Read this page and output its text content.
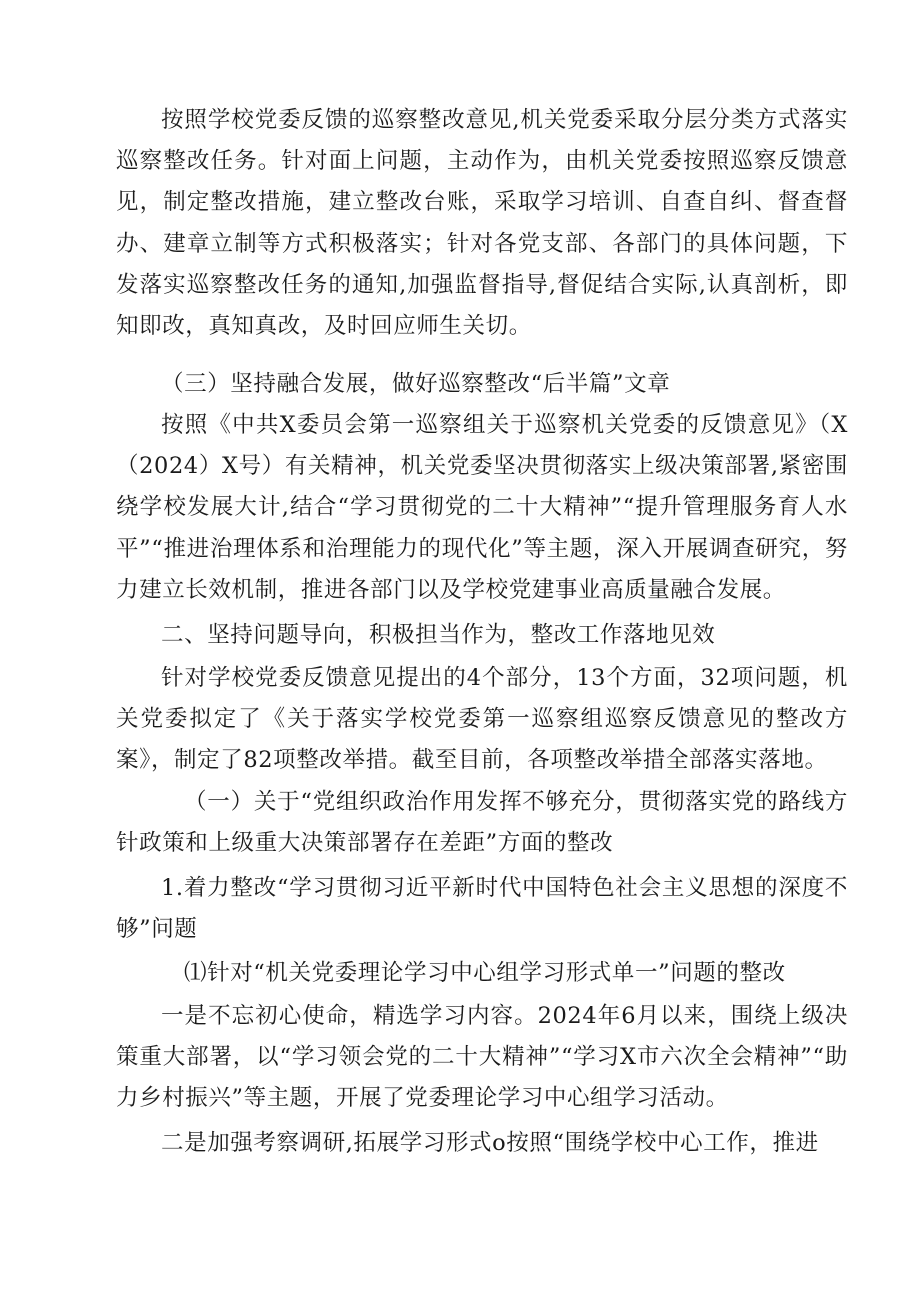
按照学校党委反馈的巡察整改意见,机关党委采取分层分类方式落实巡察整改任务。针对面上问题，主动作为，由机关党委按照巡察反馈意见，制定整改措施，建立整改台账，采取学习培训、自查自纠、督查督办、建章立制等方式积极落实；针对各党支部、各部门的具体问题，下发落实巡察整改任务的通知,加强监督指导,督促结合实际,认真剖析，即知即改，真知真改，及时回应师生关切。

（三）坚持融合发展，做好巡察整改“后半篇”文章

按照《中共X委员会第一巡察组关于巡察机关党委的反馈意见》（X（2024）X号）有关精神，机关党委坚决贯彻落实上级决策部署,紧密围绕学校发展大计,结合“学习贯彻党的二十大精神”“提升管理服务育人水平”“推进治理体系和治理能力的现代化”等主题，深入开展调查研究，努力建立长效机制，推进各部门以及学校党建事业高质量融合发展。

二、坚持问题导向，积极担当作为，整改工作落地见效

针对学校党委反馈意见提出的4个部分，13个方面，32项问题，机关党委拟定了《关于落实学校党委第一巡察组巡察反馈意见的整改方案》，制定了82项整改举措。截至目前，各项整改举措全部落实落地。

（一）关于“党组织政治作用发挥不够充分，贯彻落实党的路线方针政策和上级重大决策部署存在差距”方面的整改

1.着力整改“学习贯彻习近平新时代中国特色社会主义思想的深度不够”问题

⑴针对“机关党委理论学习中心组学习形式单一”问题的整改

一是不忘初心使命，精选学习内容。2024年6月以来，围绕上级决策重大部署，以“学习领会党的二十大精神”“学习X市六次全会精神”“助力乡村振兴”等主题，开展了党委理论学习中心组学习活动。

二是加强考察调研,拓展学习形式o按照“围绕学校中心工作，推进
